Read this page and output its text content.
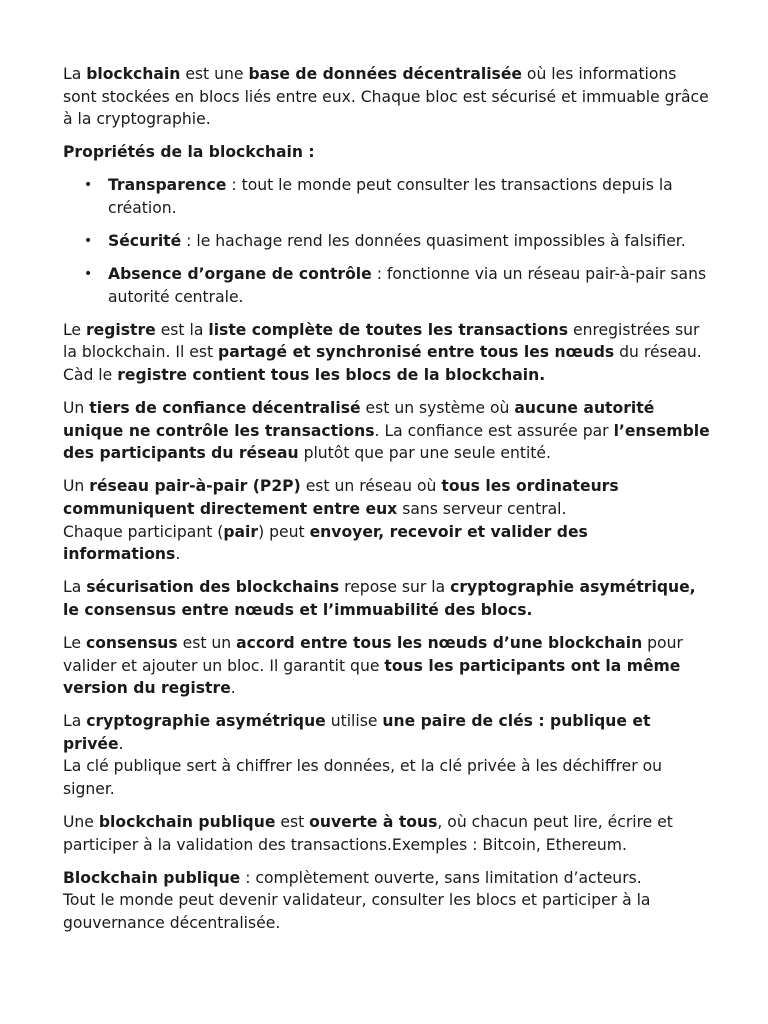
La blockchain est une base de données décentralisée où les informations sont stockées en blocs liés entre eux. Chaque bloc est sécurisé et immuable grâce à la cryptographie.

Propriétés de la blockchain :

• Transparence : tout le monde peut consulter les transactions depuis la création.
• Sécurité : le hachage rend les données quasiment impossibles à falsifier.
• Absence d’organe de contrôle : fonctionne via un réseau pair-à-pair sans autorité centrale.

Le registre est la liste complète de toutes les transactions enregistrées sur la blockchain. Il est partagé et synchronisé entre tous les nœuds du réseau. Càd le registre contient tous les blocs de la blockchain.

Un tiers de confiance décentralisé est un système où aucune autorité unique ne contrôle les transactions. La confiance est assurée par l’ensemble des participants du réseau plutôt que par une seule entité.

Un réseau pair-à-pair (P2P) est un réseau où tous les ordinateurs communiquent directement entre eux sans serveur central.
Chaque participant (pair) peut envoyer, recevoir et valider des informations.

La sécurisation des blockchains repose sur la cryptographie asymétrique, le consensus entre nœuds et l’immuabilité des blocs.

Le consensus est un accord entre tous les nœuds d’une blockchain pour valider et ajouter un bloc. Il garantit que tous les participants ont la même version du registre.

La cryptographie asymétrique utilise une paire de clés : publique et privée.
La clé publique sert à chiffrer les données, et la clé privée à les déchiffrer ou signer.

Une blockchain publique est ouverte à tous, où chacun peut lire, écrire et participer à la validation des transactions.Exemples : Bitcoin, Ethereum.

Blockchain publique : complètement ouverte, sans limitation d’acteurs.
Tout le monde peut devenir validateur, consulter les blocs et participer à la gouvernance décentralisée.
